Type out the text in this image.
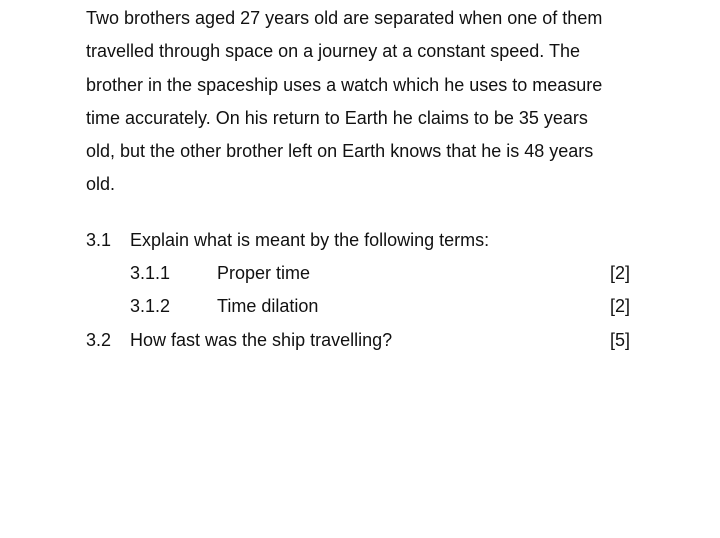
Two brothers aged 27 years old are separated when one of them
travelled through space on a journey at a constant speed. The
brother in the spaceship uses a watch which he uses to measure
time accurately. On his return to Earth he claims to be 35 years
old, but the other brother left on Earth knows that he is 48 years
old.

3.1 Explain what is meant by the following terms:
3.1.1	Proper time	[2]
3.1.2	Time dilation	[2]
3.2 How fast was the ship travelling?	[5]
